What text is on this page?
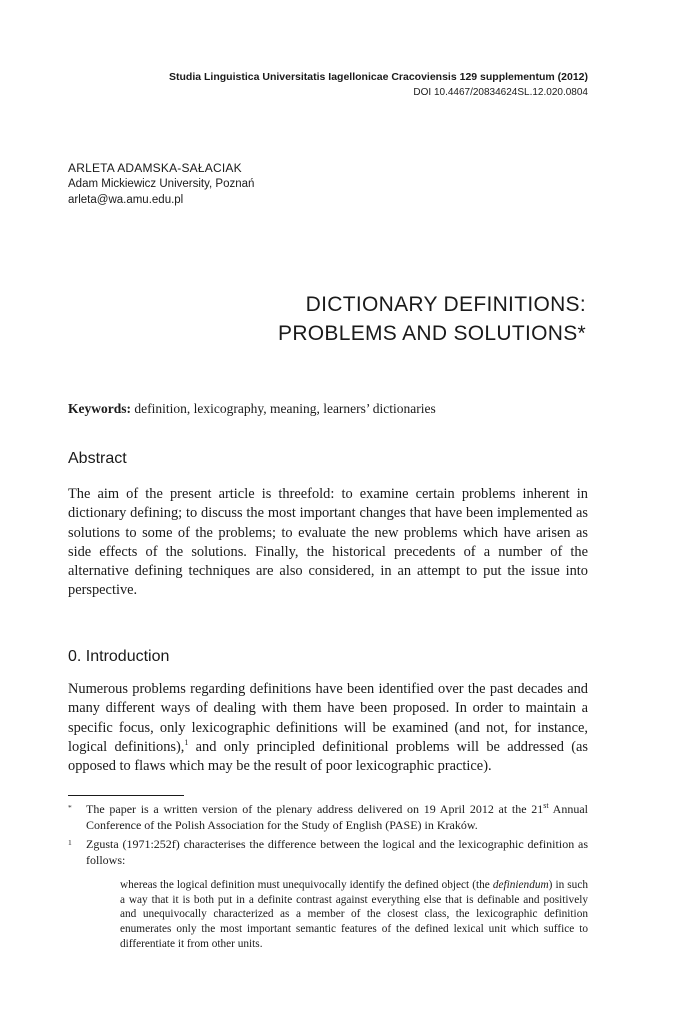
Studia Linguistica Universitatis Iagellonicae Cracoviensis 129 supplementum (2012)
DOI 10.4467/20834624SL.12.020.0804
ARLETA ADAMSKA-SAŁACIAK
Adam Mickiewicz University, Poznań
arleta@wa.amu.edu.pl
DICTIONARY DEFINITIONS:
PROBLEMS AND SOLUTIONS*
Keywords: definition, lexicography, meaning, learners’ dictionaries
Abstract
The aim of the present article is threefold: to examine certain problems inherent in dictionary defining; to discuss the most important changes that have been implemented as solutions to some of the problems; to evaluate the new problems which have arisen as side effects of the solutions. Finally, the historical precedents of a number of the alternative defining techniques are also considered, in an attempt to put the issue into perspective.
0. Introduction
Numerous problems regarding definitions have been identified over the past decades and many different ways of dealing with them have been proposed. In order to maintain a specific focus, only lexicographic definitions will be examined (and not, for instance, logical definitions),$^1$ and only principled definitional problems will be addressed (as opposed to flaws which may be the result of poor lexicographic practice).
* The paper is a written version of the plenary address delivered on 19 April 2012 at the 21st Annual Conference of the Polish Association for the Study of English (PASE) in Kraków.
1 Zgusta (1971:252f) characterises the difference between the logical and the lexicographic definition as follows:
whereas the logical definition must unequivocally identify the defined object (the definiendum) in such a way that it is both put in a definite contrast against everything else that is definable and positively and unequivocally characterized as a member of the closest class, the lexicographic definition enumerates only the most important semantic features of the defined lexical unit which suffice to differentiate it from other units.
